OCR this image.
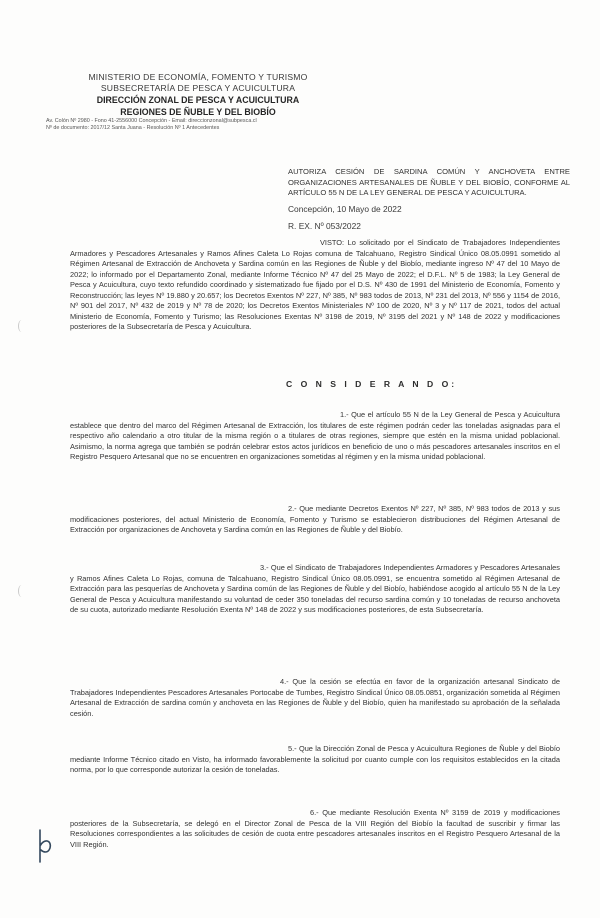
MINISTERIO DE ECONOMÍA, FOMENTO Y TURISMO
SUBSECRETARÍA DE PESCA Y ACUICULTURA
DIRECCIÓN ZONAL DE PESCA Y ACUICULTURA
REGIONES DE ÑUBLE Y DEL BIOBÍO
Av. Colón Nº 2980 - Fono 41-2556000 Concepción - Email: direccionzonal@subpesca.cl
Nº de documento: 2017/12 Santa Juana - Resolución Nº 1 Antecedentes
AUTORIZA CESIÓN DE SARDINA COMÚN Y ANCHOVETA ENTRE ORGANIZACIONES ARTESANALES DE ÑUBLE Y DEL BIOBÍO, CONFORME AL ARTÍCULO 55 N DE LA LEY GENERAL DE PESCA Y ACUICULTURA.
Concepción, 10 Mayo de 2022
R. EX. Nº 053/2022
VISTO: Lo solicitado por el Sindicato de Trabajadores Independientes Armadores y Pescadores Artesanales y Ramos Afines Caleta Lo Rojas comuna de Talcahuano, Registro Sindical Único 08.05.0991 sometido al Régimen Artesanal de Extracción de Anchoveta y Sardina común en las Regiones de Ñuble y del Biobío, mediante ingreso Nº 47 del 10 Mayo de 2022; lo informado por el Departamento Zonal, mediante Informe Técnico Nº 47 del 25 Mayo de 2022; el D.F.L. Nº 5 de 1983; la Ley General de Pesca y Acuicultura, cuyo texto refundido coordinado y sistematizado fue fijado por el D.S. Nº 430 de 1991 del Ministerio de Economía, Fomento y Reconstrucción; las leyes Nº 19.880 y 20.657; los Decretos Exentos Nº 227, Nº 385, Nº 983 todos de 2013, Nº 231 del 2013, Nº 556 y 1154 de 2016, Nº 901 del 2017, Nº 432 de 2019 y Nº 78 de 2020; los Decretos Exentos Ministeriales Nº 100 de 2020, Nº 3 y Nº 117 de 2021, todos del actual Ministerio de Economía, Fomento y Turismo; las Resoluciones Exentas Nº 3198 de 2019, Nº 3195 del 2021 y Nº 148 de 2022 y modificaciones posteriores de la Subsecretaría de Pesca y Acuicultura.
C O N S I D E R A N D O:
1.- Que el artículo 55 N de la Ley General de Pesca y Acuicultura establece que dentro del marco del Régimen Artesanal de Extracción, los titulares de este régimen podrán ceder las toneladas asignadas para el respectivo año calendario a otro titular de la misma región o a titulares de otras regiones, siempre que estén en la misma unidad poblacional. Asimismo, la norma agrega que también se podrán celebrar estos actos jurídicos en beneficio de uno o más pescadores artesanales inscritos en el Registro Pesquero Artesanal que no se encuentren en organizaciones sometidas al régimen y en la misma unidad poblacional.
2.- Que mediante Decretos Exentos Nº 227, Nº 385, Nº 983 todos de 2013 y sus modificaciones posteriores, del actual Ministerio de Economía, Fomento y Turismo se establecieron distribuciones del Régimen Artesanal de Extracción por organizaciones de Anchoveta y Sardina común en las Regiones de Ñuble y del Biobío.
3.- Que el Sindicato de Trabajadores Independientes Armadores y Pescadores Artesanales y Ramos Afines Caleta Lo Rojas, comuna de Talcahuano, Registro Sindical Único 08.05.0991, se encuentra sometido al Régimen Artesanal de Extracción para las pesquerías de Anchoveta y Sardina común de las Regiones de Ñuble y del Biobío, habiéndose acogido al artículo 55 N de la Ley General de Pesca y Acuicultura manifestando su voluntad de ceder 350 toneladas del recurso sardina común y 10 toneladas de recurso anchoveta de su cuota, autorizado mediante Resolución Exenta Nº 148 de 2022 y sus modificaciones posteriores, de esta Subsecretaría.
4.- Que la cesión se efectúa en favor de la organización artesanal Sindicato de Trabajadores Independientes Pescadores Artesanales Portocabe de Tumbes, Registro Sindical Único 08.05.0851, organización sometida al Régimen Artesanal de Extracción de sardina común y anchoveta en las Regiones de Ñuble y del Biobío, quien ha manifestado su aprobación de la señalada cesión.
5.- Que la Dirección Zonal de Pesca y Acuicultura Regiones de Ñuble y del Biobío mediante Informe Técnico citado en Visto, ha informado favorablemente la solicitud por cuanto cumple con los requisitos establecidos en la citada norma, por lo que corresponde autorizar la cesión de toneladas.
6.- Que mediante Resolución Exenta Nº 3159 de 2019 y modificaciones posteriores de la Subsecretaría, se delegó en el Director Zonal de Pesca de la VIII Región del Biobío la facultad de suscribir y firmar las Resoluciones correspondientes a las solicitudes de cesión de cuota entre pescadores artesanales inscritos en el Registro Pesquero Artesanal de la VIII Región.
